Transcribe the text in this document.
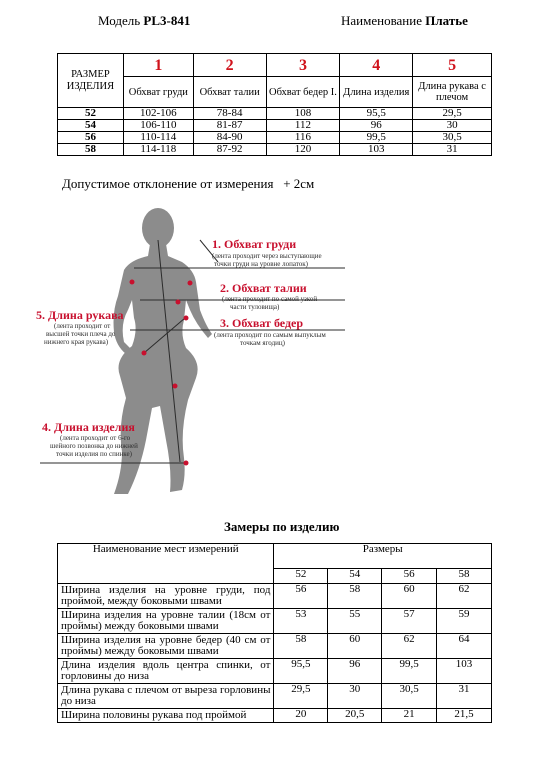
Модель PL3-841	Наименование Платье
РАЗМЕР ИЗДЕЛИЯ	1	2	3	4	5
	Обхват груди	Обхват талии	Обхват бедер I.	Длина изделия	Длина рукава с плечом
52	102-106	78-84	108	95,5	29,5
54	106-110	81-87	112	96	30
56	110-114	84-90	116	99,5	30,5
58	114-118	87-92	120	103	31
Допустимое отклонение от измерения + 2см
1. Обхват груди
(лента проходит через выступающие
точки груди на уровне лопаток)
2. Обхват талии
(лента проходит по самой узкой
части туловища)
3. Обхват бедер
(лента проходит по самым выпуклым
точкам ягодиц)
5. Длина рукава
(лента проходит от
высшей точки плеча до
нижнего края рукава)
4. Длина изделия
(лента проходит от 6-го
шейного позвонка до нижней
точки изделия по спинке)
Замеры по изделию
Наименование мест измерений	Размеры			
	52	54	56	58
Ширина изделия на уровне груди, под проймой, между боковыми швами	56	58	60	62
Ширина изделия на уровне талии (18см от проймы) между боковыми швами	53	55	57	59
Ширина изделия на уровне бедер (40 см от проймы) между боковыми швами	58	60	62	64
Длина изделия вдоль центра спинки, от горловины до низа	95,5	96	99,5	103
Длина рукава с плечом от выреза горловины до низа	29,5	30	30,5	31
Ширина половины рукава под проймой	20	20,5	21	21,5
